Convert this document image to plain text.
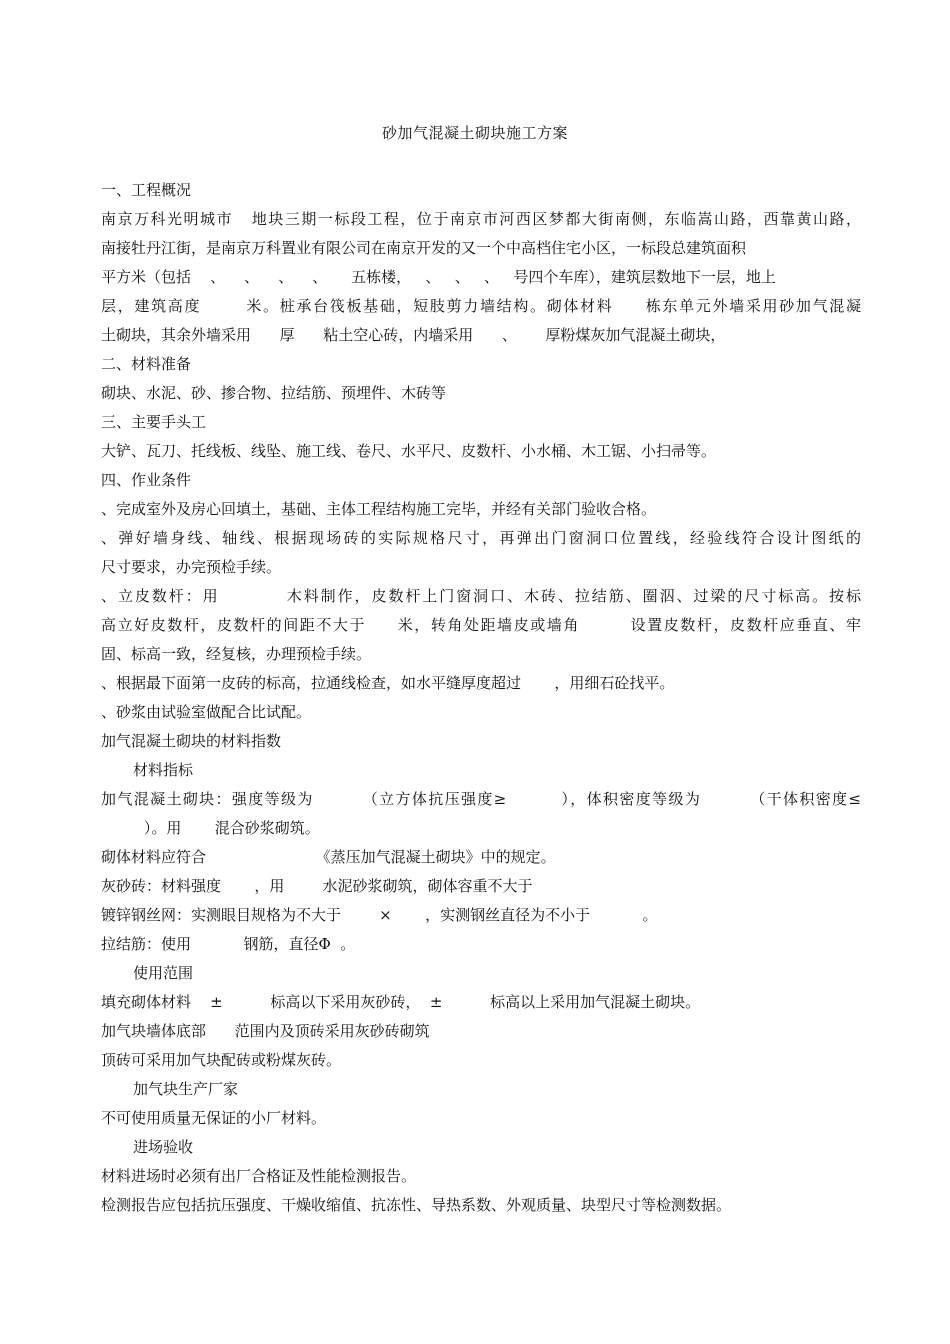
砂加气混凝土砌块施工方案
一、工程概况
南京万科光明城市   地块三期一标段工程，位于南京市河西区梦都大街南侧，东临嵩山路，西靠黄山路，
南接牡丹江街，是南京万科置业有限公司在南京开发的又一个中高档住宅小区，一标段总建筑面积
平方米（包括    、    、    、    、     五栋楼，   、   、   、   号四个车库），建筑层数地下一层，地上
层，建筑高度       米。桩承台筏板基础，短肢剪力墙结构。砌体材料     栋东单元外墙采用砂加气混凝
土砌块，其余外墙采用      厚      粘土空心砖，内墙采用      、      厚粉煤灰加气混凝土砌块，
二、材料准备
砌块、水泥、砂、掺合物、拉结筋、预埋件、木砖等
三、主要手头工
大铲、瓦刀、托线板、线坠、施工线、卷尺、水平尺、皮数杆、小水桶、木工锯、小扫帚等。
四、作业条件
、完成室外及房心回填土，基础、主体工程结构施工完毕，并经有关部门验收合格。
、弹好墙身线、轴线、根据现场砖的实际规格尺寸，再弹出门窗洞口位置线，经验线符合设计图纸的
尺寸要求，办完预检手续。
、立皮数杆：用          木料制作，皮数杆上门窗洞口、木砖、拉结筋、圈泅、过梁的尺寸标高。按标
高立好皮数杆，皮数杆的间距不大于     米，转角处距墙皮或墙角        设置皮数杆，皮数杆应垂直、牢
固、标高一致，经复核，办理预检手续。
、根据最下面第一皮砖的标高，拉通线检查，如水平缝厚度超过       ，用细石砼找平。
、砂浆由试验室做配合比试配。
加气混凝土砌块的材料指数
材料指标
加气混凝土砌块：强度等级为        （立方体抗压强度≥         ），体积密度等级为        （干体积密度≤
）。用       混合砂浆砌筑。
砌体材料应符合                       《蒸压加气混凝土砌块》中的规定。
灰砂砖：材料强度       ，用        水泥砂浆砌筑，砌体容重不大于
镀锌钢丝网：实测眼目规格为不大于        ×       ，实测钢丝直径为不小于           。
拉结筋：使用           钢筋，直径Φ  。
使用范围
填充砌体材料    ±          标高以下采用灰砂砖，  ±          标高以上采用加气混凝土砌块。
加气块墙体底部      范围内及顶砖采用灰砂砖砌筑
顶砖可采用加气块配砖或粉煤灰砖。
加气块生产厂家
不可使用质量无保证的小厂材料。
进场验收
材料进场时必须有出厂合格证及性能检测报告。
检测报告应包括抗压强度、干燥收缩值、抗冻性、导热系数、外观质量、块型尺寸等检测数据。
